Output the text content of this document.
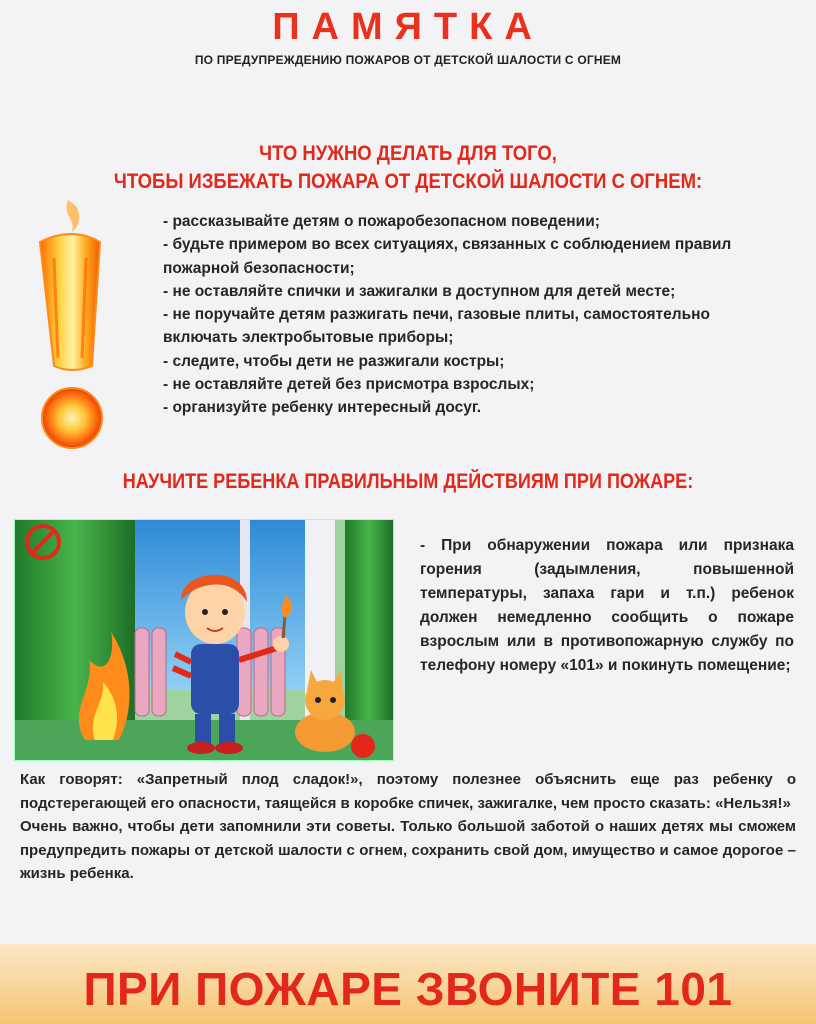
ПАМЯТКА
ПО ПРЕДУПРЕЖДЕНИЮ ПОЖАРОВ ОТ ДЕТСКОЙ ШАЛОСТИ С ОГНЕМ
ЧТО НУЖНО ДЕЛАТЬ ДЛЯ ТОГО,
ЧТОБЫ ИЗБЕЖАТЬ ПОЖАРА ОТ ДЕТСКОЙ ШАЛОСТИ С ОГНЕМ:
- рассказывайте детям о пожаробезопасном поведении;
- будьте примером во всех ситуациях, связанных с соблюдением правил пожарной безопасности;
- не оставляйте спички и зажигалки в доступном для детей месте;
- не поручайте детям разжигать печи, газовые плиты, самостоятельно включать электробытовые приборы;
- следите, чтобы дети не разжигали костры;
- не оставляйте детей без присмотра взрослых;
- организуйте ребенку интересный досуг.
НАУЧИТЕ РЕБЕНКА ПРАВИЛЬНЫМ ДЕЙСТВИЯМ ПРИ ПОЖАРЕ:
- При обнаружении пожара или признака горения (задымления, повышенной температуры, запаха гари и т.п.) ребенок должен немедленно сообщить о пожаре взрослым или в противопожарную службу по телефону номеру «101» и покинуть помещение;

Как говорят: «Запретный плод сладок!», поэтому полезнее объяснить еще раз ребенку о подстерегающей его опасности, таящейся в коробке спичек, зажигалке, чем просто сказать: «Нельзя!»

Очень важно, чтобы дети запомнили эти советы. Только большой заботой о наших детях мы сможем предупредить пожары от детской шалости с огнем, сохранить свой дом, имущество и самое дорогое – жизнь ребенка.

ПРИ ПОЖАРЕ ЗВОНИТЕ 101
